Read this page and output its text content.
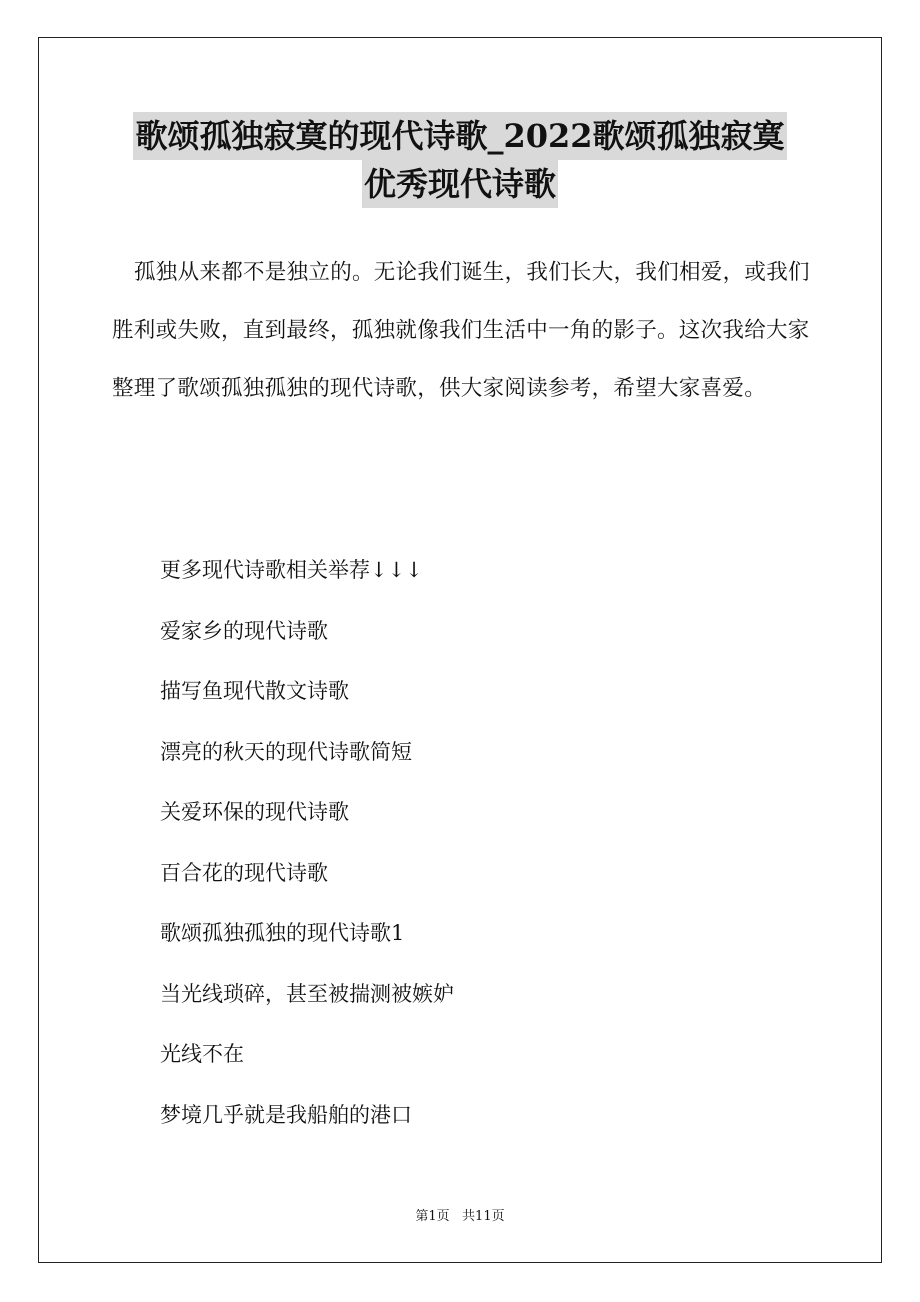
歌颂孤独寂寞的现代诗歌_2022歌颂孤独寂寞
优秀现代诗歌

孤独从来都不是独立的。无论我们诞生，我们长大，我们相爱，或我们胜利或失败，直到最终，孤独就像我们生活中一角的影子。这次我给大家整理了歌颂孤独孤独的现代诗歌，供大家阅读参考，希望大家喜爱。

更多现代诗歌相关举荐↓↓↓
爱家乡的现代诗歌
描写鱼现代散文诗歌
漂亮的秋天的现代诗歌简短
关爱环保的现代诗歌
百合花的现代诗歌
歌颂孤独孤独的现代诗歌1
当光线琐碎，甚至被揣测被嫉妒
光线不在
梦境几乎就是我船舶的港口
第1页   共11页
